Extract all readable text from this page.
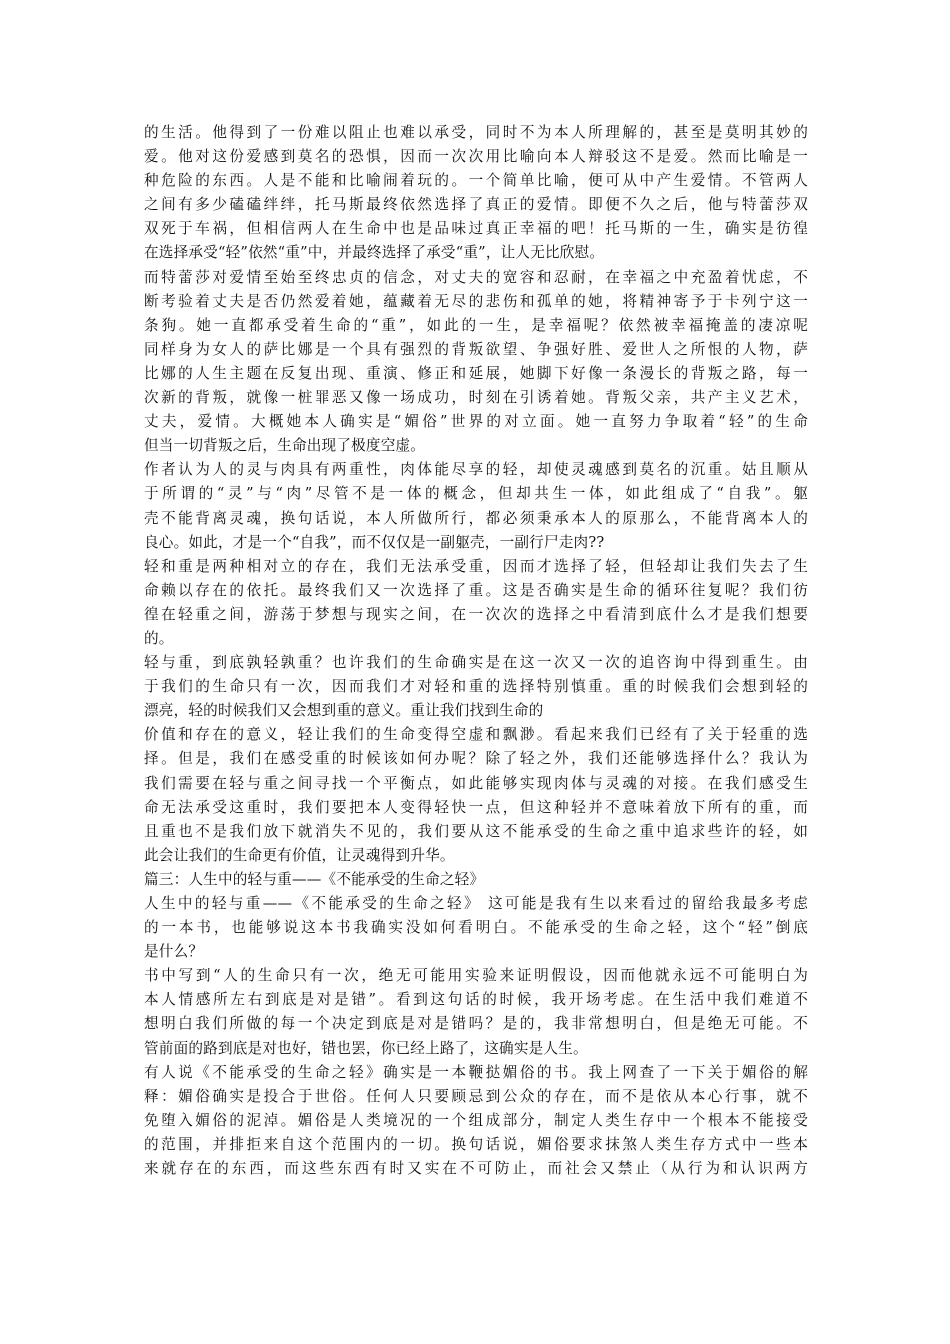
的生活。他得到了一份难以阻止也难以承受，同时不为本人所理解的，甚至是莫明其妙的
爱。他对这份爱感到莫名的恐惧，因而一次次用比喻向本人辩驳这不是爱。然而比喻是一
种危险的东西。人是不能和比喻闹着玩的。一个简单比喻，便可从中产生爱情。不管两人
之间有多少磕磕绊绊，托马斯最终依然选择了真正的爱情。即便不久之后，他与特蕾莎双
双死于车祸，但相信两人在生命中也是品味过真正幸福的吧！托马斯的一生，确实是彷徨
在选择承受“轻”依然“重”中，并最终选择了承受“重”，让人无比欣慰。
而特蕾莎对爱情至始至终忠贞的信念，对丈夫的宽容和忍耐，在幸福之中充盈着忧虑，不
断考验着丈夫是否仍然爱着她，蕴藏着无尽的悲伤和孤单的她，将精神寄予于卡列宁这一
条狗。她一直都承受着生命的“重”，如此的一生，是幸福呢？依然被幸福掩盖的凄凉呢
同样身为女人的萨比娜是一个具有强烈的背叛欲望、争强好胜、爱世人之所恨的人物，萨
比娜的人生主题在反复出现、重演、修正和延展，她脚下好像一条漫长的背叛之路，每一
次新的背叛，就像一桩罪恶又像一场成功，时刻在引诱着她。背叛父亲，共产主义艺术，
丈夫，爱情。大概她本人确实是“媚俗”世界的对立面。她一直努力争取着“轻”的生命
但当一切背叛之后，生命出现了极度空虚。
作者认为人的灵与肉具有两重性，肉体能尽享的轻，却使灵魂感到莫名的沉重。姑且顺从
于所谓的“灵”与“肉”尽管不是一体的概念，但却共生一体，如此组成了“自我”。躯
壳不能背离灵魂，换句话说，本人所做所行，都必须秉承本人的原那么，不能背离本人的
良心。如此，才是一个“自我”，而不仅仅是一副躯壳，一副行尸走肉??
轻和重是两种相对立的存在，我们无法承受重，因而才选择了轻，但轻却让我们失去了生
命赖以存在的依托。最终我们又一次选择了重。这是否确实是生命的循环往复呢？我们彷
徨在轻重之间，游荡于梦想与现实之间，在一次次的选择之中看清到底什么才是我们想要
的。
轻与重，到底孰轻孰重？也许我们的生命确实是在这一次又一次的追咨询中得到重生。由
于我们的生命只有一次，因而我们才对轻和重的选择特别慎重。重的时候我们会想到轻的
漂亮，轻的时候我们又会想到重的意义。重让我们找到生命的
价值和存在的意义，轻让我们的生命变得空虚和飘渺。看起来我们已经有了关于轻重的选
择。但是，我们在感受重的时候该如何办呢？除了轻之外，我们还能够选择什么？我认为
我们需要在轻与重之间寻找一个平衡点，如此能够实现肉体与灵魂的对接。在我们感受生
命无法承受这重时，我们要把本人变得轻快一点，但这种轻并不意味着放下所有的重，而
且重也不是我们放下就消失不见的，我们要从这不能承受的生命之重中追求些许的轻，如
此会让我们的生命更有价值，让灵魂得到升华。
篇三：人生中的轻与重——《不能承受的生命之轻》
人生中的轻与重——《不能承受的生命之轻》 这可能是我有生以来看过的留给我最多考虑
的一本书，也能够说这本书我确实没如何看明白。不能承受的生命之轻，这个“轻”倒底
是什么？
书中写到“人的生命只有一次，绝无可能用实验来证明假设，因而他就永远不可能明白为
本人情感所左右到底是对是错”。看到这句话的时候，我开场考虑。在生活中我们难道不
想明白我们所做的每一个决定到底是对是错吗？是的，我非常想明白，但是绝无可能。不
管前面的路到底是对也好，错也罢，你已经上路了，这确实是人生。
有人说《不能承受的生命之轻》确实是一本鞭挞媚俗的书。我上网查了一下关于媚俗的解
释：媚俗确实是投合于世俗。任何人只要顾忌到公众的存在，而不是依从本心行事，就不
免堕入媚俗的泥淖。媚俗是人类境况的一个组成部分，制定人类生存中一个根本不能接受
的范围，并排拒来自这个范围内的一切。换句话说，媚俗要求抹煞人类生存方式中一些本
来就存在的东西，而这些东西有时又实在不可防止，而社会又禁止（从行为和认识两方
